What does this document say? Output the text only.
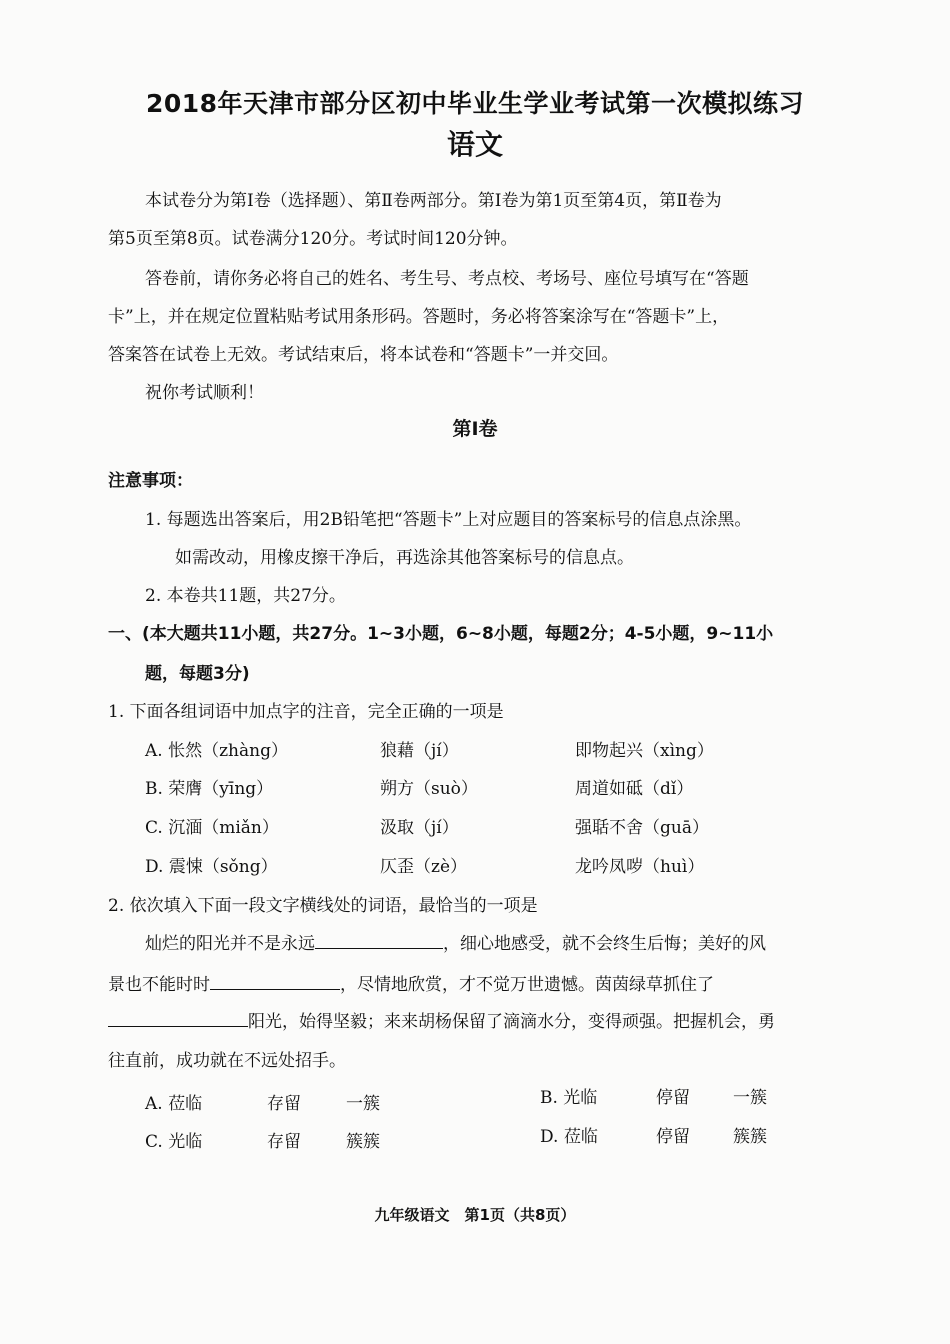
2018年天津市部分区初中毕业生学业考试第一次模拟练习
语文
本试卷分为第Ⅰ卷（选择题）、第Ⅱ卷两部分。第Ⅰ卷为第1页至第4页，第Ⅱ卷为
第5页至第8页。试卷满分120分。考试时间120分钟。
答卷前，请你务必将自己的姓名、考生号、考点校、考场号、座位号填写在“答题
卡”上，并在规定位置粘贴考试用条形码。答题时，务必将答案涂写在“答题卡”上，
答案答在试卷上无效。考试结束后，将本试卷和“答题卡”一并交回。
祝你考试顺利！
第Ⅰ卷
注意事项：
1. 每题选出答案后，用2B铅笔把“答题卡”上对应题目的答案标号的信息点涂黑。
如需改动，用橡皮擦干净后，再选涂其他答案标号的信息点。
2. 本卷共11题，共27分。
一、(本大题共11小题，共27分。1~3小题，6~8小题，每题2分；4-5小题，9~11小
题，每题3分)
1. 下面各组词语中加点字的注音，完全正确的一项是
A. 怅然（zhàng）	狼藉（jí）	即物起兴（xìng）
B. 荣膺（yīng）	朔方（suò）	周道如砥（dǐ）
C. 沉湎（miǎn）	汲取（jí）	强聒不舍（guā）
D. 震悚（sǒng）	仄歪（zè）	龙吟凤哕（huì）
2. 依次填入下面一段文字横线处的词语，最恰当的一项是
灿烂的阳光并不是永远	，细心地感受，就不会终生后悔；美好的风
景也不能时时	，尽情地欣赏，才不觉万世遗憾。茵茵绿草抓住了
阳光，始得坚毅；来来胡杨保留了滴滴水分，变得顽强。把握机会，勇
往直前，成功就在不远处招手。
A. 莅临	存留	一簇	B. 光临	停留	一簇
C. 光临	存留	簇簇	D. 莅临	停留	簇簇
九年级语文　第1页（共8页）
